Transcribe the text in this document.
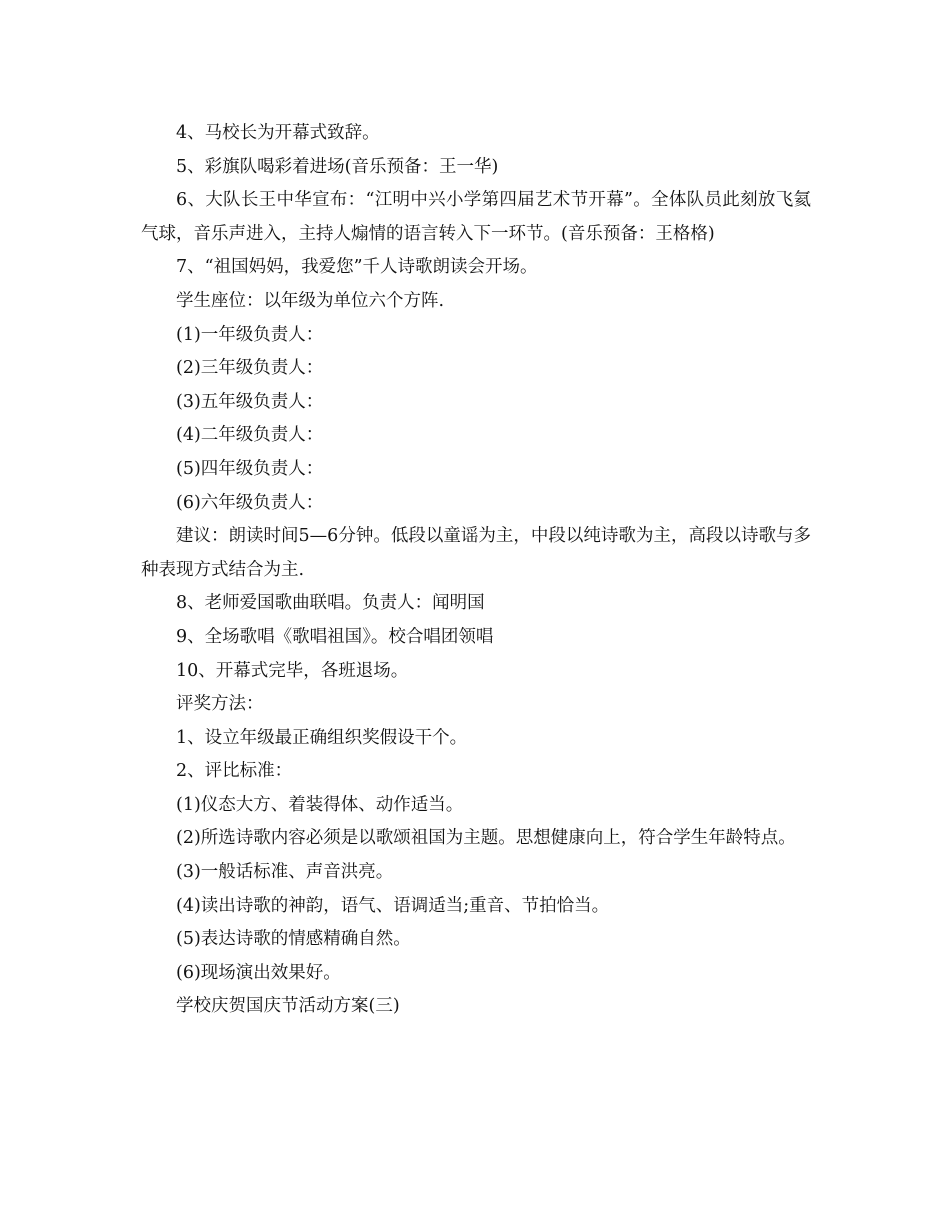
4、马校长为开幕式致辞。

5、彩旗队喝彩着进场(音乐预备：王一华)

6、大队长王中华宣布：“江明中兴小学第四届艺术节开幕”。全体队员此刻放飞氦气球，音乐声进入，主持人煽情的语言转入下一环节。(音乐预备：王格格)

7、“祖国妈妈，我爱您”千人诗歌朗读会开场。

学生座位：以年级为单位六个方阵.

(1)一年级负责人：

(2)三年级负责人：

(3)五年级负责人：

(4)二年级负责人：

(5)四年级负责人：

(6)六年级负责人：

建议：朗读时间5—6分钟。低段以童谣为主，中段以纯诗歌为主，高段以诗歌与多种表现方式结合为主.

8、老师爱国歌曲联唱。负责人：闻明国

9、全场歌唱《歌唱祖国》。校合唱团领唱

10、开幕式完毕，各班退场。

评奖方法：

1、设立年级最正确组织奖假设干个。

2、评比标准：

(1)仪态大方、着装得体、动作适当。

(2)所选诗歌内容必须是以歌颂祖国为主题。思想健康向上，符合学生年龄特点。

(3)一般话标准、声音洪亮。

(4)读出诗歌的神韵，语气、语调适当;重音、节拍恰当。

(5)表达诗歌的情感精确自然。

(6)现场演出效果好。

学校庆贺国庆节活动方案(三)
